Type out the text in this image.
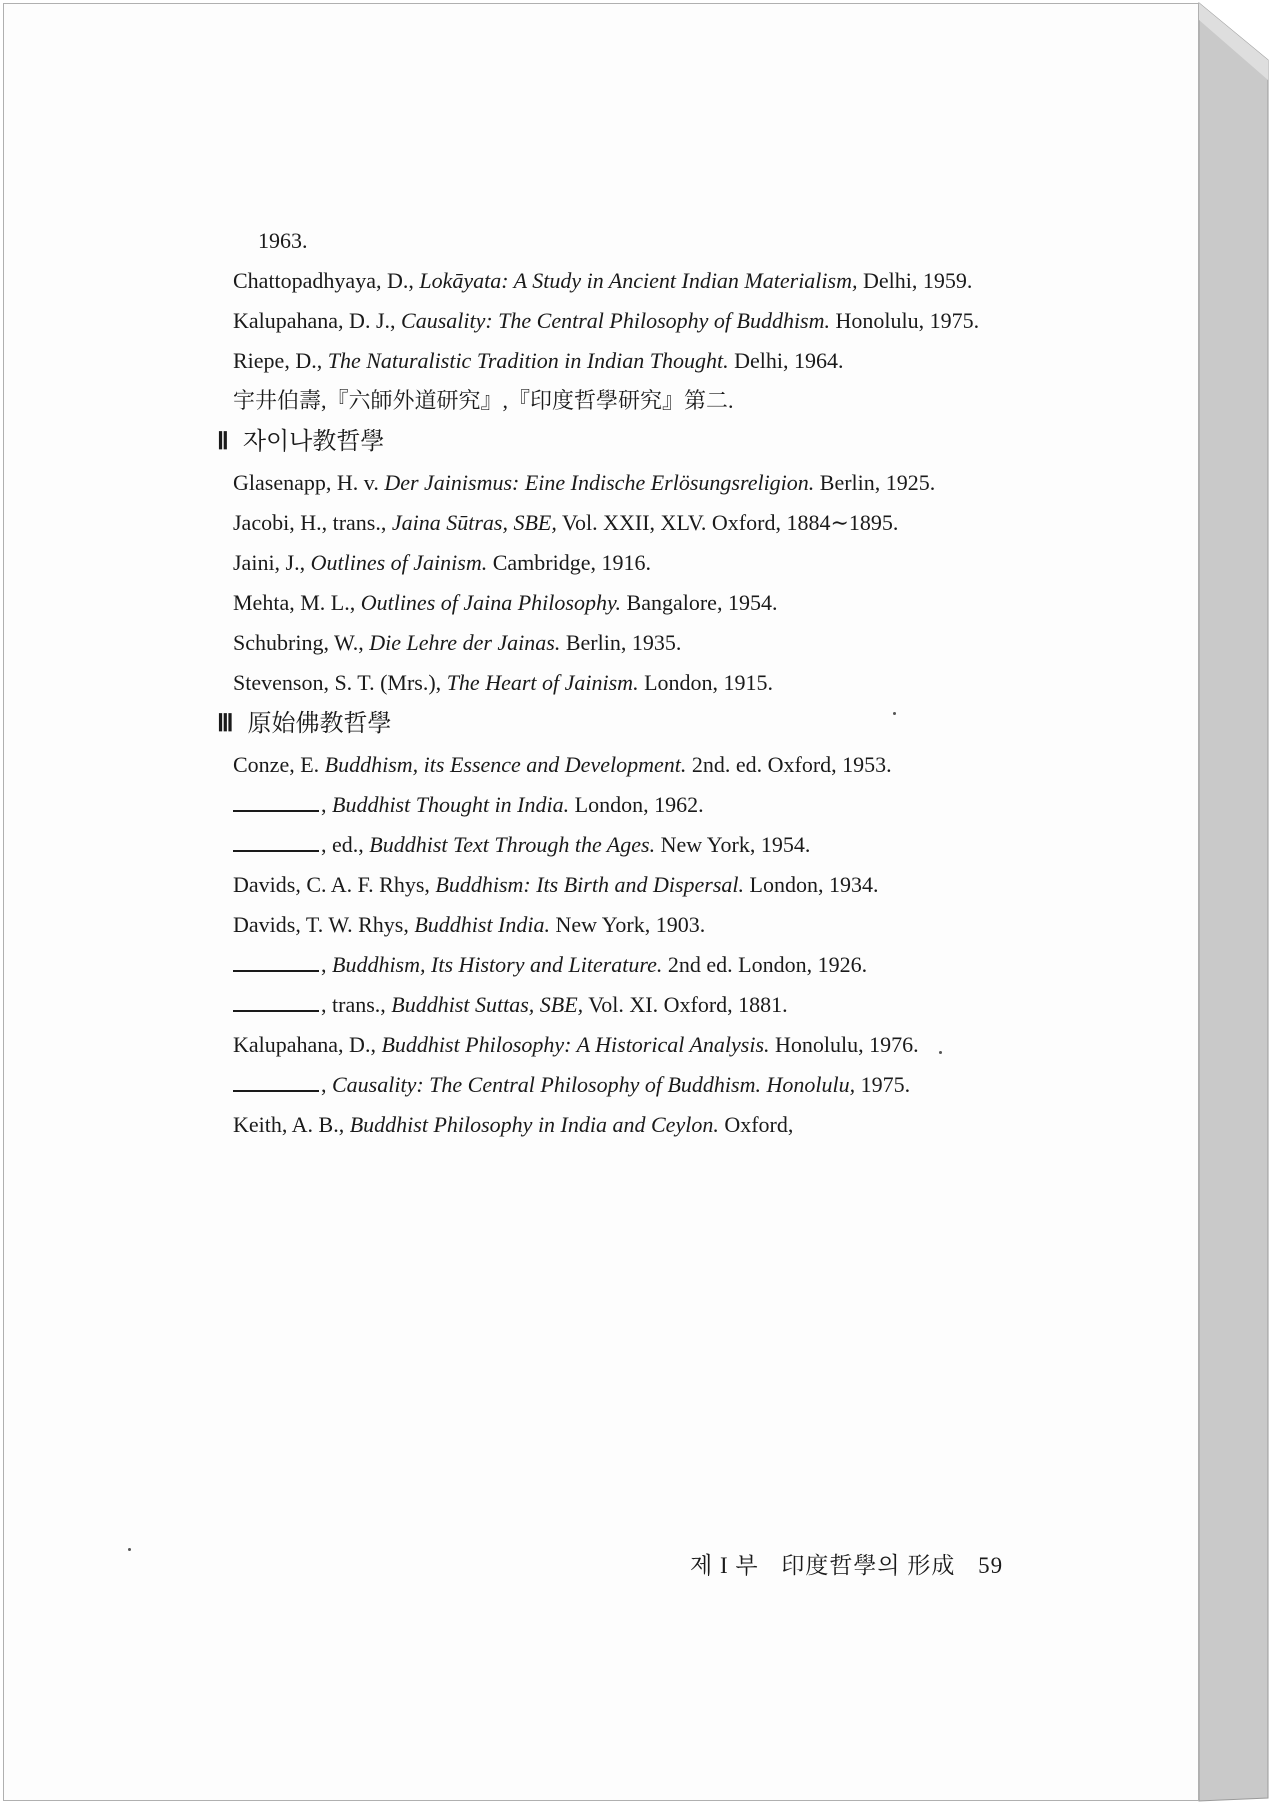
1963.
Chattopadhyaya, D., Lokāyata: A Study in Ancient Indian Materialism, Delhi, 1959.
Kalupahana, D. J., Causality: The Central Philosophy of Buddhism. Honolulu, 1975.
Riepe, D., The Naturalistic Tradition in Indian Thought. Delhi, 1964.
宇井伯壽,『六師外道研究』,『印度哲學研究』第二.
Ⅱ 자이나教哲學
Glasenapp, H. v. Der Jainismus: Eine Indische Erlösungsreligion. Berlin, 1925.
Jacobi, H., trans., Jaina Sūtras, SBE, Vol. XXII, XLV. Oxford, 1884∼1895.
Jaini, J., Outlines of Jainism. Cambridge, 1916.
Mehta, M. L., Outlines of Jaina Philosophy. Bangalore, 1954.
Schubring, W., Die Lehre der Jainas. Berlin, 1935.
Stevenson, S. T. (Mrs.), The Heart of Jainism. London, 1915.
Ⅲ 原始佛教哲學
Conze, E. Buddhism, its Essence and Development. 2nd. ed. Oxford, 1953.
, Buddhist Thought in India. London, 1962.
, ed., Buddhist Text Through the Ages. New York, 1954.
Davids, C. A. F. Rhys, Buddhism: Its Birth and Dispersal. London, 1934.
Davids, T. W. Rhys, Buddhist India. New York, 1903.
, Buddhism, Its History and Literature. 2nd ed. London, 1926.
, trans., Buddhist Suttas, SBE, Vol. XI. Oxford, 1881.
Kalupahana, D., Buddhist Philosophy: A Historical Analysis. Honolulu, 1976.
, Causality: The Central Philosophy of Buddhism. Honolulu, 1975.
Keith, A. B., Buddhist Philosophy in India and Ceylon. Oxford,
제 I 부 印度哲學의 形成 59
